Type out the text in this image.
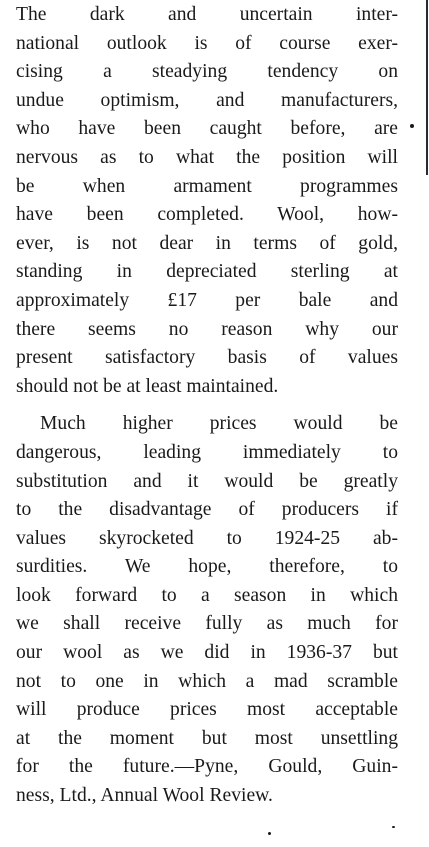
The dark and uncertain inter-
national outlook is of course exer-
cising a steadying tendency on
undue optimism, and manufacturers,
who have been caught before, are
nervous as to what the position will
be when armament programmes
have been completed. Wool, how-
ever, is not dear in terms of gold,
standing in depreciated sterling at
approximately £17 per bale and
there seems no reason why our
present satisfactory basis of values
should not be at least maintained.
Much higher prices would be
dangerous, leading immediately to
substitution and it would be greatly
to the disadvantage of producers if
values skyrocketed to 1924-25 ab-
surdities. We hope, therefore, to
look forward to a season in which
we shall receive fully as much for
our wool as we did in 1936-37 but
not to one in which a mad scramble
will produce prices most acceptable
at the moment but most unsettling
for the future.—Pyne, Gould, Guin-
ness, Ltd., Annual Wool Review.
